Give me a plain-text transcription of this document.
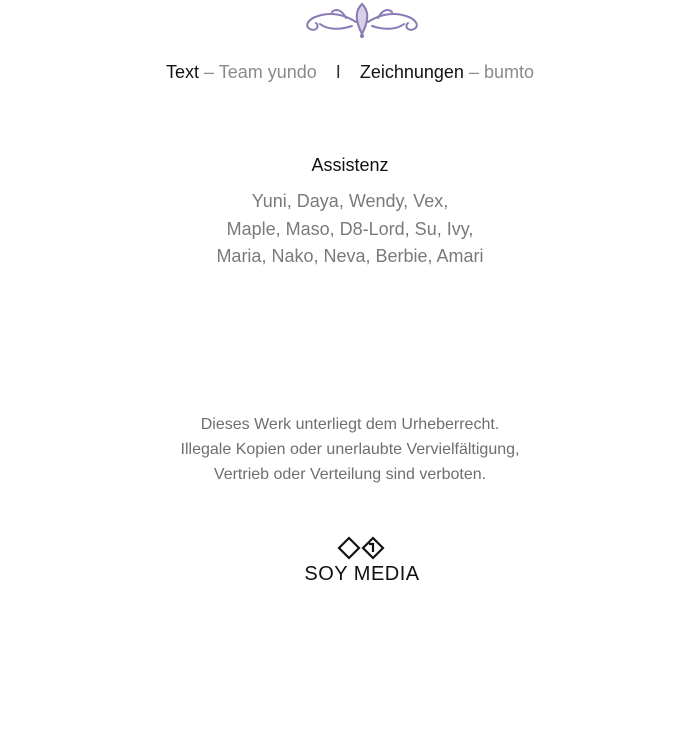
Text – Team yundo I Zeichnungen – bumto
Assistenz
Yuni, Daya, Wendy, Vex,
Maple, Maso, D8-Lord, Su, Ivy,
Maria, Nako, Neva, Berbie, Amari
Dieses Werk unterliegt dem Urheberrecht.
Illegale Kopien oder unerlaubte Vervielfältigung,
Vertrieb oder Verteilung sind verboten.
SOY MEDIA
